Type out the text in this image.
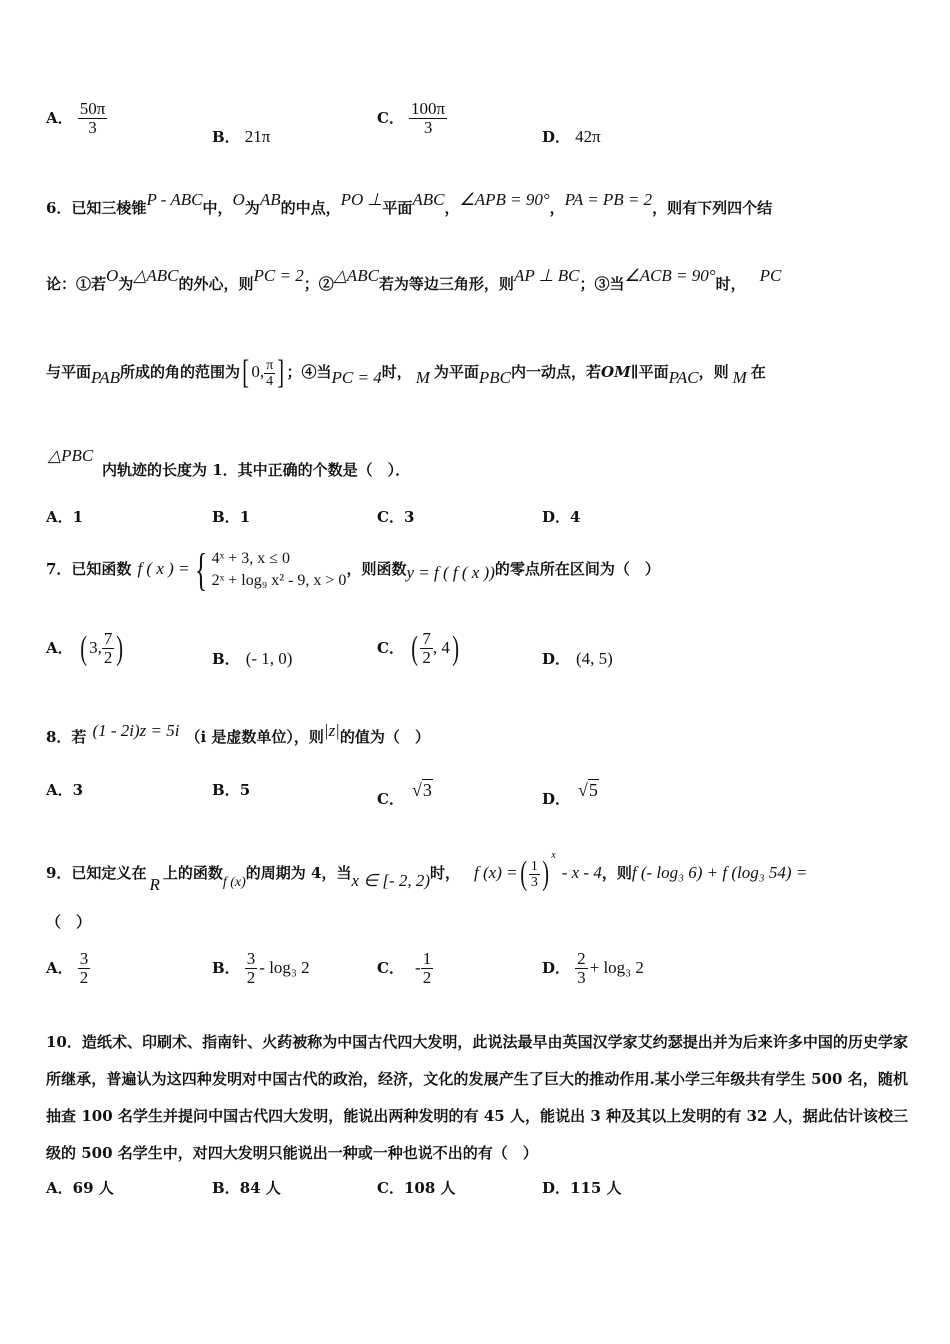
A． $\frac{50\pi}{3}$	B． 21π
C． $\frac{100\pi}{3}$	D． 42π
6．已知三棱锥P - ABC中，O为AB的中点，PO ⊥平面ABC，∠APB = 90°，PA = PB = 2，则有下列四个结
论：①若O为△ABC的外心，则PC = 2；②△ABC若为等边三角形，则AP ⊥ BC；③当∠ACB = 90°时， PC
与平面PAB所成的角的范围为[ 0, $\frac{\pi}{4}$ ] ；④当PC = 4时， M 为平面PBC内一动点，若OM∥平面PAC，则 M 在
△PBC
内轨迹的长度为 1．其中正确的个数是（　）．
A．1	B．1	C．3	D．4
7．已知函数 f ( x ) = { 4ˣ + 3, x ≤ 0
2ˣ + log₉ x² - 9, x > 0
，则函数y = f ( f ( x ))的零点所在区间为（　）
A． ( 3, $\frac{7}{2}$ )	B． (- 1, 0)
C． ( $\frac{7}{2}$ , 4)	D． (4, 5)
8．若 (1 - 2i)z = 5i （i 是虚数单位），则|z|的值为（　）
A．3	B．5	C． √3	D． √5
9．已知定义在R上的函数f (x)的周期为 4，当x ∈ [- 2, 2)时， f (x) =( $\frac{1}{3}$ ) $^x$- x - 4，则f (- log₃ 6) + f (log₃ 54) =
（　）
A． $\frac{3}{2}$	B． $\frac{3}{2} - \log_3$ 2	C． - $\frac{1}{2}$	D． $\frac{2}{3} + \log_3$ 2
10．造纸术、印刷术、指南针、火药被称为中国古代四大发明，此说法最早由英国汉学家艾约瑟提出并为后来许多中国的历史学家所继承，普遍认为这四种发明对中国古代的政治，经济，文化的发展产生了巨大的推动作用.某小学三年级共有学生 500 名，随机抽查 100 名学生并提问中国古代四大发明，能说出两种发明的有 45 人，能说出 3 种及其以上发明的有 32 人，据此估计该校三级的 500 名学生中，对四大发明只能说出一种或一种也说不出的有（　）
A．69 人	B．84 人	C．108 人	D．115 人
